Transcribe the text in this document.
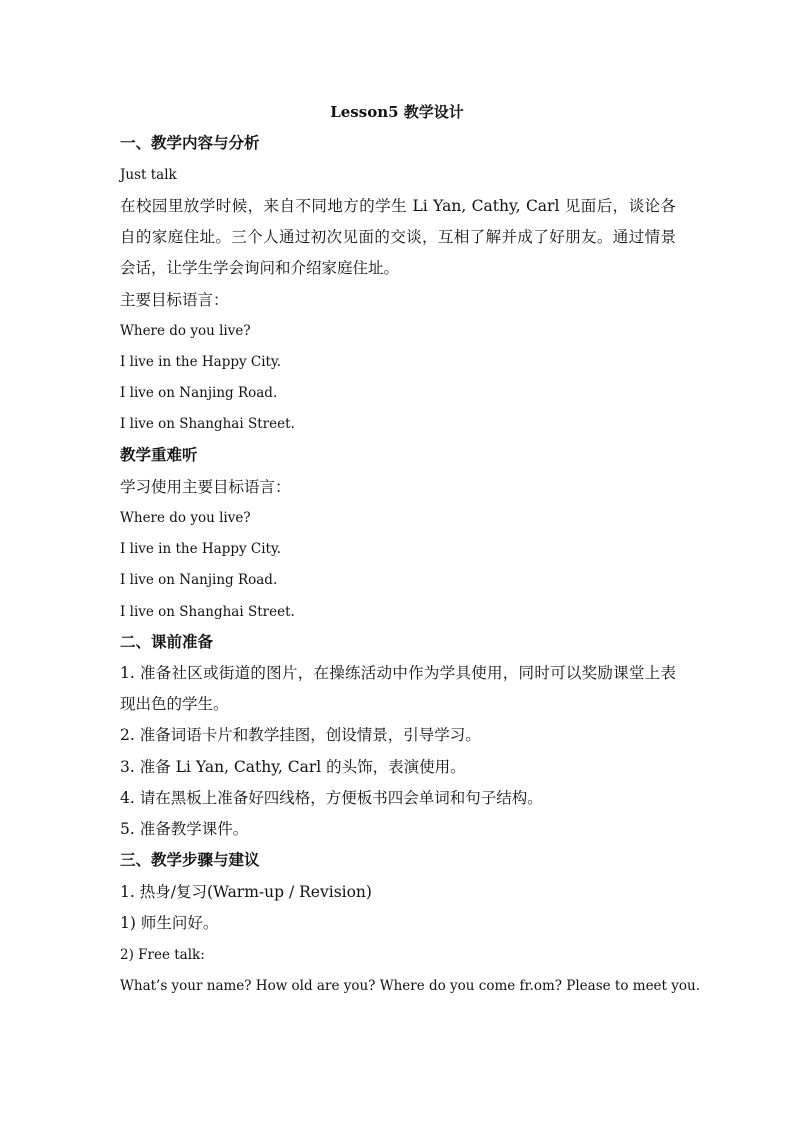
Lesson5 教学设计
一、教学内容与分析
Just talk
在校园里放学时候，来自不同地方的学生 Li Yan, Cathy, Carl 见面后，谈论各自的家庭住址。三个人通过初次见面的交谈，互相了解并成了好朋友。通过情景会话，让学生学会询问和介绍家庭住址。
主要目标语言：
Where do you live?
I live in the Happy City.
I live on Nanjing Road.
I live on Shanghai Street.
教学重难听
学习使用主要目标语言：
Where do you live?
I live in the Happy City.
I live on Nanjing Road.
I live on Shanghai Street.
二、课前准备
1. 准备社区或街道的图片，在操练活动中作为学具使用，同时可以奖励课堂上表现出色的学生。
2. 准备词语卡片和教学挂图，创设情景，引导学习。
3. 准备 Li Yan, Cathy, Carl 的头饰，表演使用。
4. 请在黑板上准备好四线格，方便板书四会单词和句子结构。
5. 准备教学课件。
三、教学步骤与建议
1. 热身/复习(Warm-up / Revision)
1) 师生问好。
2) Free talk:
What’s your name? How old are you? Where do you come fr.om? Please to meet you.
